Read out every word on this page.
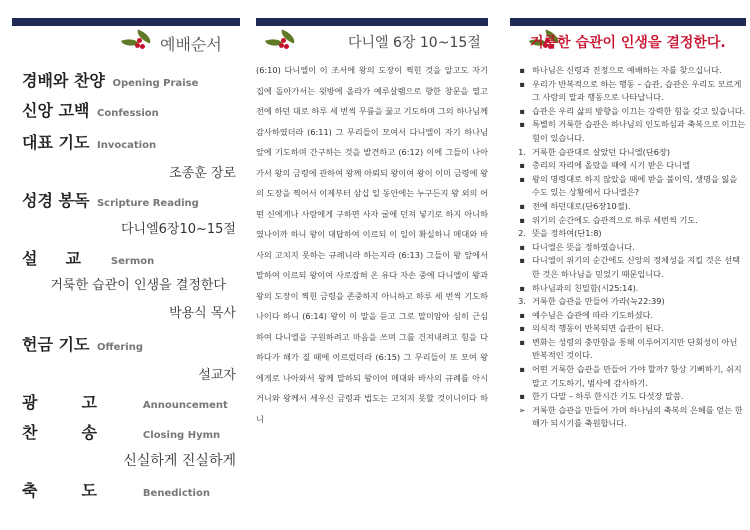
예배순서
경배와 찬양 Opening Praise
신앙 고백 Confession
대표 기도 Invocation
조종훈 장로
성경 봉독 Scripture Reading
다니엘6장10~15절
설교 Sermon
거룩한 습관이 인생을 결정한다
박용식 목사
헌금 기도 Offering
설교자
광고 Announcement
찬송 Closing Hymn
신실하게 진실하게
축도 Benediction
다니엘 6장 10~15절
(6:10) 다니엘이 이 조서에 왕의 도장이 찍힌 것을 알고도 자기 집에 돌아가서는 윗방에 올라가 예루살렘으로 향한 창문을 열고 전에 하던 대로 하루 세 번씩 무릎을 꿇고 기도하며 그의 하나님께 감사하였더라 (6:11) 그 무리들이 모여서 다니엘이 자기 하나님 앞에 기도하며 간구하는 것을 발견하고 (6:12) 이에 그들이 나아가서 왕의 금령에 관하여 왕께 아뢰되 왕이여 왕이 이미 금령에 왕의 도장을 찍어서 이제부터 삼십 일 동안에는 누구든지 왕 외의 어떤 신에게나 사람에게 구하면 사자 굴에 던져 넣기로 하지 아니하였나이까 하니 왕이 대답하여 이르되 이 일이 확실하니 메대와 바사의 고치지 못하는 규례니라 하는지라 (6:13) 그들이 왕 앞에서 말하여 이르되 왕이여 사로잡혀 온 유다 자손 중에 다니엘이 왕과 왕의 도장이 찍힌 금령을 존중하지 아니하고 하루 세 번씩 기도하나이다 하니 (6:14) 왕이 이 말을 듣고 그로 말미암아 심히 근심하여 다니엘을 구원하려고 마음을 쓰며 그를 건져내려고 힘을 다하다가 해가 질 때에 이르렀더라 (6:15) 그 무리들이 또 모여 왕에게로 나아와서 왕께 말하되 왕이여 메대와 바사의 규례를 아시거니와 왕께서 세우신 금령과 법도는 고치지 못할 것이니이다 하니
거룩한 습관이 인생을 결정한다.
▪ 하나님은 신령과 진정으로 예배하는 자를 찾으십니다.
▪ 우리가 반복적으로 하는 행동 – 습관, 습관은 우리도 모르게 그 사람의 말과 행동으로 나타납니다.
▪ 습관은 우리 삶의 방향을 이끄는 강력한 힘을 갖고 있습니다.
▪ 특별히 거룩한 습관은 하나님의 인도하심과 축복으로 이끄는 힘이 있습니다.
1. 거룩한 습관대로 살았던 다니엘(단6장)
▪ 총리의 자리에 올랐을 때에 시기 받은 다니엘
▪ 왕의 명령대로 하지 않았을 때에 받을 불이익, 생명을 잃을 수도 있는 상황에서 다니엘은?
▪ 전에 하던대로(단6장10절).
▪ 위기의 순간에도 습관적으로 하루 세번씩 기도.
2. 뜻을 정하여(단1:8)
▪ 다니엘은 뜻을 정하였습니다.
▪ 다니엘이 위기의 순간에도 신앙의 정체성을 지킬 것은 선택한 것은 하나님을 믿었기 때문입니다.
▪ 하나님과의 친밀함(시25:14).
3. 거룩한 습관을 만들어 가라(눅22:39)
▪ 예수님은 습관에 따라 기도하셨다.
▪ 의식적 행동이 반복되면 습관이 된다.
▪ 변화는 성령의 충만함을 통해 이루어지지만 단회성이 아닌 반복적인 것이다.
▪ 어떤 거룩한 습관을 만들어 가야 할까? 항상 기뻐하기, 쉬지 말고 기도하기, 범사에 감사하기.
▪ 한기 다말 – 하루 한시간 기도 다섯장 말씀.
➢ 거룩한 습관을 만들어 가며 하나님의 축복의 은혜를 얻는 한해가 되시기를 축원합니다.
